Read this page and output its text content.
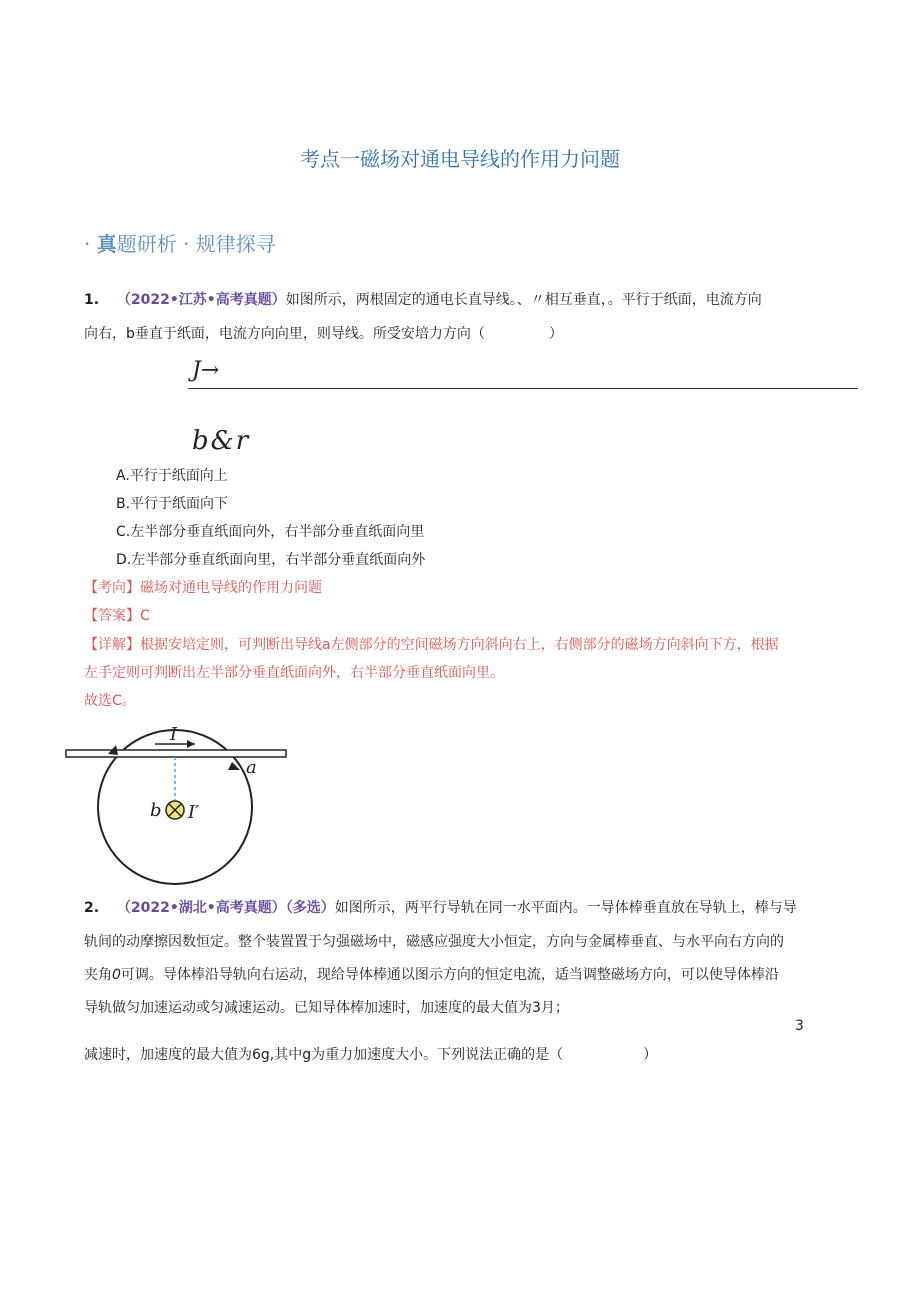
考点一磁场对通电导线的作用力问题
· 真题研析 · 规律探寻
1. （2022•江苏•高考真题）如图所示，两根固定的通电长直导线。、〃相互垂直，。平行于纸面，电流方向
向右，b垂直于纸面，电流方向向里，则导线。所受安培力方向（	）
J→
b&r
A.平行于纸面向上
B.平行于纸面向下
C.左半部分垂直纸面向外，右半部分垂直纸面向里
D.左半部分垂直纸面向里，右半部分垂直纸面向外
【考向】磁场对通电导线的作用力问题
【答案】C
【详解】根据安培定则，可判断出导线a左侧部分的空间磁场方向斜向右上，右侧部分的磁场方向斜向下方，根据
左手定则可判断出左半部分垂直纸面向外，右半部分垂直纸面向里。
故选C。
I
a
b I′
2. （2022•湖北•高考真题）（多选）如图所示，两平行导轨在同一水平面内。一导体棒垂直放在导轨上，棒与导
轨间的动摩擦因数恒定。整个装置置于匀强磁场中，磁感应强度大小恒定，方向与金属棒垂直、与水平向右方向的
夹角0可调。导体棒沿导轨向右运动，现给导体棒通以图示方向的恒定电流，适当调整磁场方向，可以使导体棒沿
导轨做匀加速运动或匀减速运动。已知导体棒加速时，加速度的最大值为3月；
3
减速时，加速度的最大值为6g,其中g为重力加速度大小。下列说法正确的是（	）
